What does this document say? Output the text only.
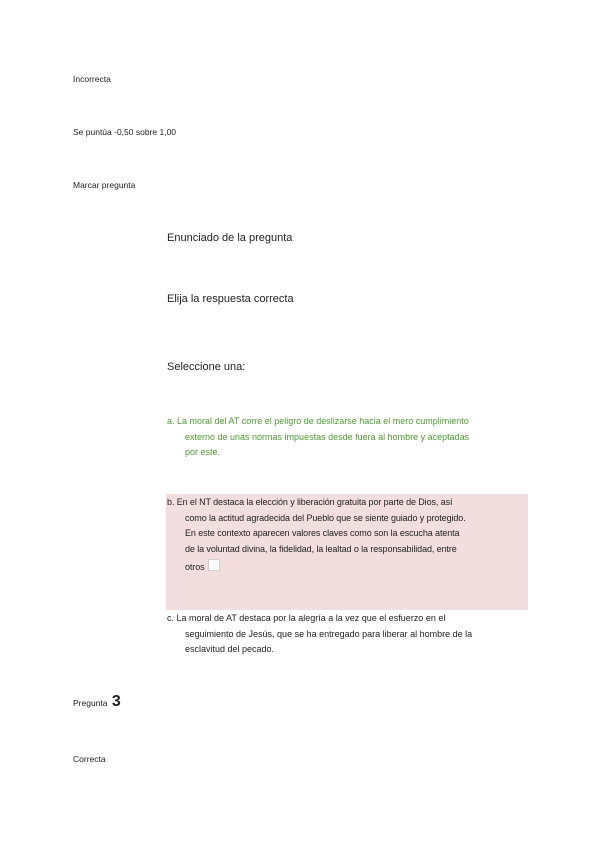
Incorrecta
Se puntúa -0,50 sobre 1,00
Marcar pregunta
Enunciado de la pregunta
Elija la respuesta correcta
Seleccione una:
a. La moral del AT corre el peligro de deslizarse hacia el mero cumplimiento
externo de unas normas impuestas desde fuera al hombre y aceptadas
por este.
b. En el NT destaca la elección y liberación gratuita por parte de Dios, así
como la actitud agradecida del Pueblo que se siente guiado y protegido.
En este contexto aparecen valores claves como son la escucha atenta
de la voluntad divina, la fidelidad, la lealtad o la responsabilidad, entre
otros
c. La moral de AT destaca por la alegría a la vez que el esfuerzo en el
seguimiento de Jesús, que se ha entregado para liberar al hombre de la
esclavitud del pecado.
Pregunta 3
Correcta
